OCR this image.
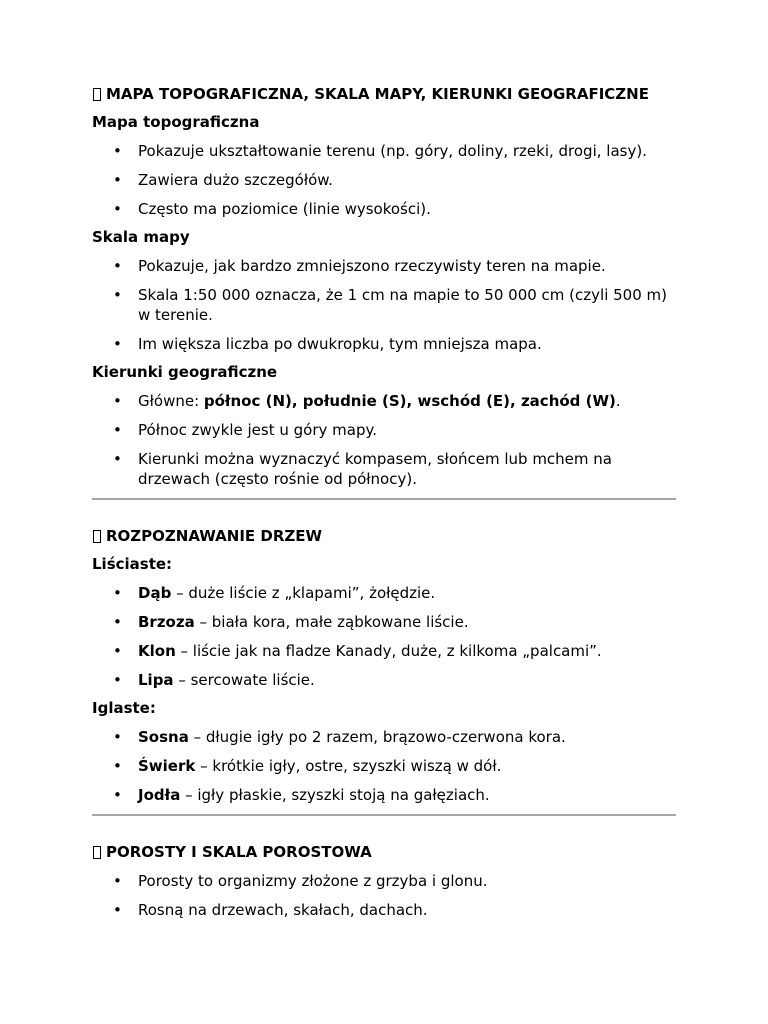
MAPA TOPOGRAFICZNA, SKALA MAPY, KIERUNKI GEOGRAFICZNE
Mapa topograficzna
• Pokazuje ukształtowanie terenu (np. góry, doliny, rzeki, drogi, lasy).
• Zawiera dużo szczegółów.
• Często ma poziomice (linie wysokości).
Skala mapy
• Pokazuje, jak bardzo zmniejszono rzeczywisty teren na mapie.
• Skala 1:50 000 oznacza, że 1 cm na mapie to 50 000 cm (czyli 500 m) w terenie.
• Im większa liczba po dwukropku, tym mniejsza mapa.
Kierunki geograficzne
• Główne: północ (N), południe (S), wschód (E), zachód (W).
• Północ zwykle jest u góry mapy.
• Kierunki można wyznaczyć kompasem, słońcem lub mchem na drzewach (często rośnie od północy).
ROZPOZNAWANIE DRZEW
Liściaste:
• Dąb – duże liście z „klapami”, żołędzie.
• Brzoza – biała kora, małe ząbkowane liście.
• Klon – liście jak na fladze Kanady, duże, z kilkoma „palcami”.
• Lipa – sercowate liście.
Iglaste:
• Sosna – długie igły po 2 razem, brązowo-czerwona kora.
• Świerk – krótkie igły, ostre, szyszki wiszą w dół.
• Jodła – igły płaskie, szyszki stoją na gałęziach.
POROSTY I SKALA POROSTOWA
• Porosty to organizmy złożone z grzyba i glonu.
• Rosną na drzewach, skałach, dachach.
